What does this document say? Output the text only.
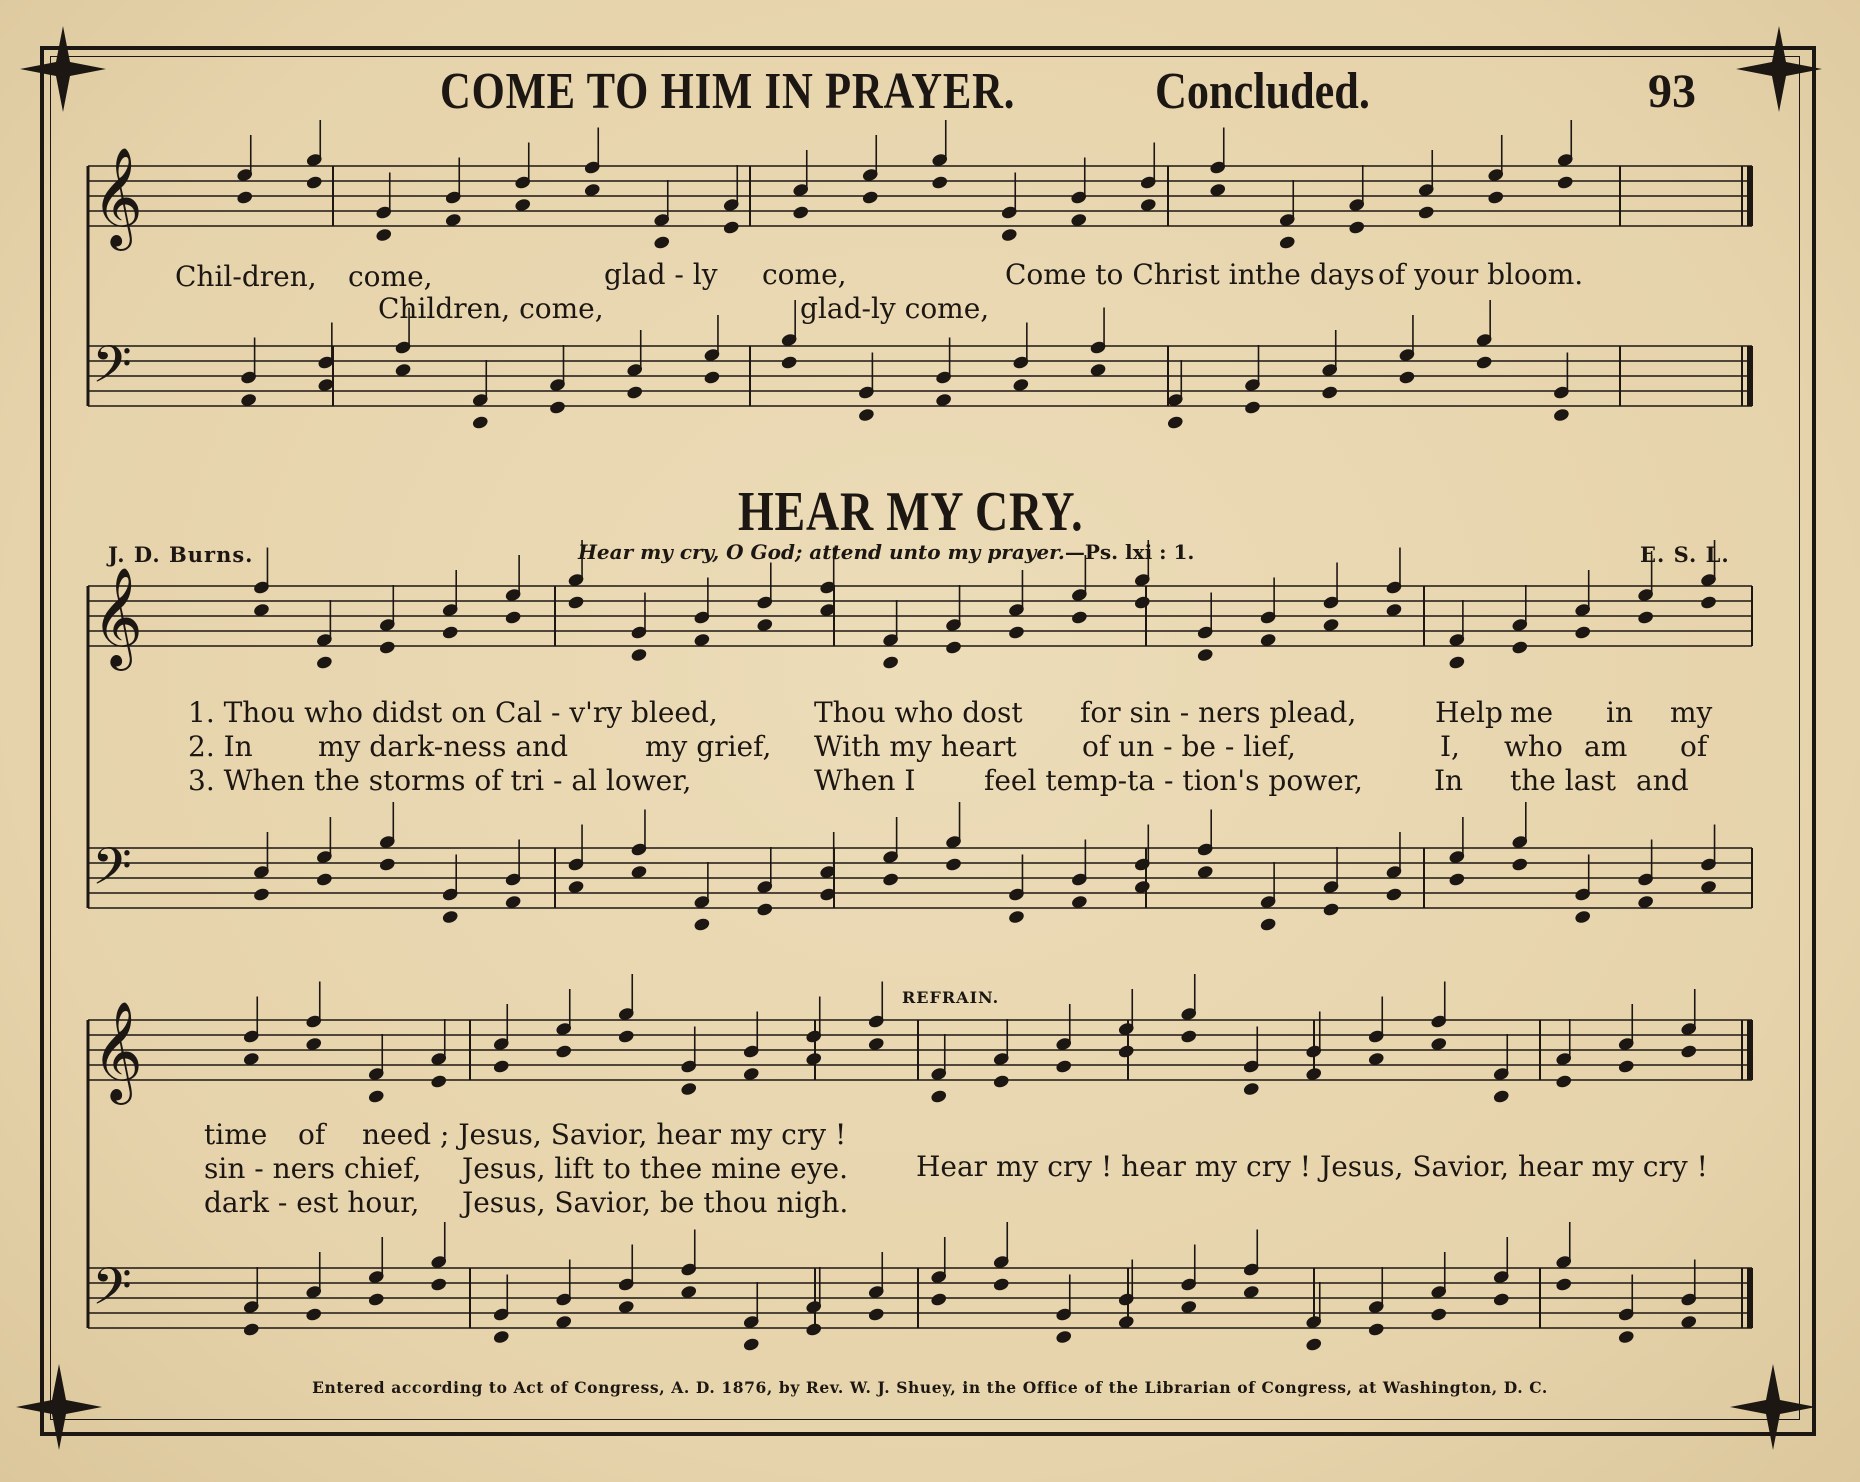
𝄞
𝄢
𝄞
𝄢
𝄞
𝄢
COME TO HIM IN PRAYER.	Concluded.	93
Chil-dren, come,	glad - ly come,	Come to Christ in the days of your bloom.
Children, come,	glad-ly come,
HEAR MY CRY.
J. D. Burns.	Hear my cry, O God; attend unto my prayer.—Ps. lxi : 1.	E. S. L.
1. Thou who didst on Cal - v'ry bleed,	Thou who dost for sin - ners plead,	Help me in my
2. In my dark-ness and	my grief, With my heart of un - be - lief,	I, who am of
3. When the storms of tri - al lower,	When I feel temp-ta - tion's power,	In the last and
REFRAIN.
time of need ; Jesus, Savior, hear my cry !
sin - ners chief, Jesus, lift to thee mine eye. Hear my cry ! hear my cry ! Jesus, Savior, hear my cry !
dark - est hour, Jesus, Savior, be thou nigh.
Entered according to Act of Congress, A. D. 1876, by Rev. W. J. Shuey, in the Office of the Librarian of Congress, at Washington, D. C.
